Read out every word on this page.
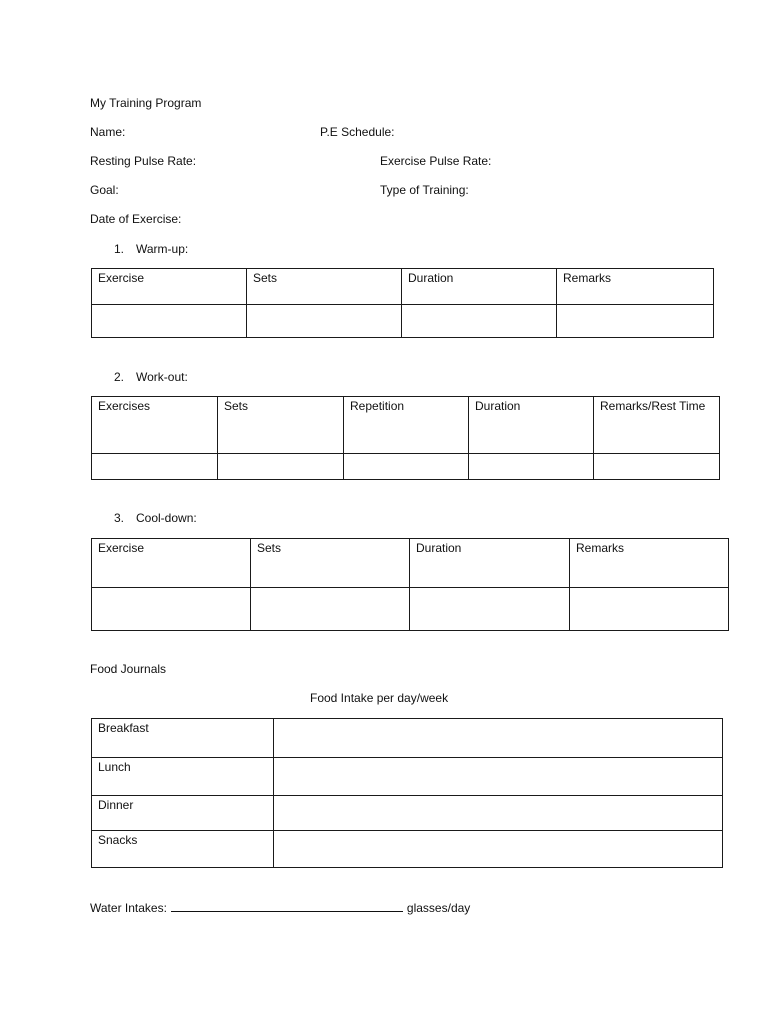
My Training Program
Name:	P.E Schedule:
Resting Pulse Rate:	Exercise Pulse Rate:
Goal:	Type of Training:
Date of Exercise:
1. Warm-up:
Exercise	Sets	Duration	Remarks

2. Work-out:
Exercises	Sets	Repetition	Duration	Remarks/Rest Time

3. Cool-down:
Exercise	Sets	Duration	Remarks

Food Journals
Food Intake per day/week
Breakfast	
Lunch	
Dinner	
Snacks	
Water Intakes:	glasses/day
